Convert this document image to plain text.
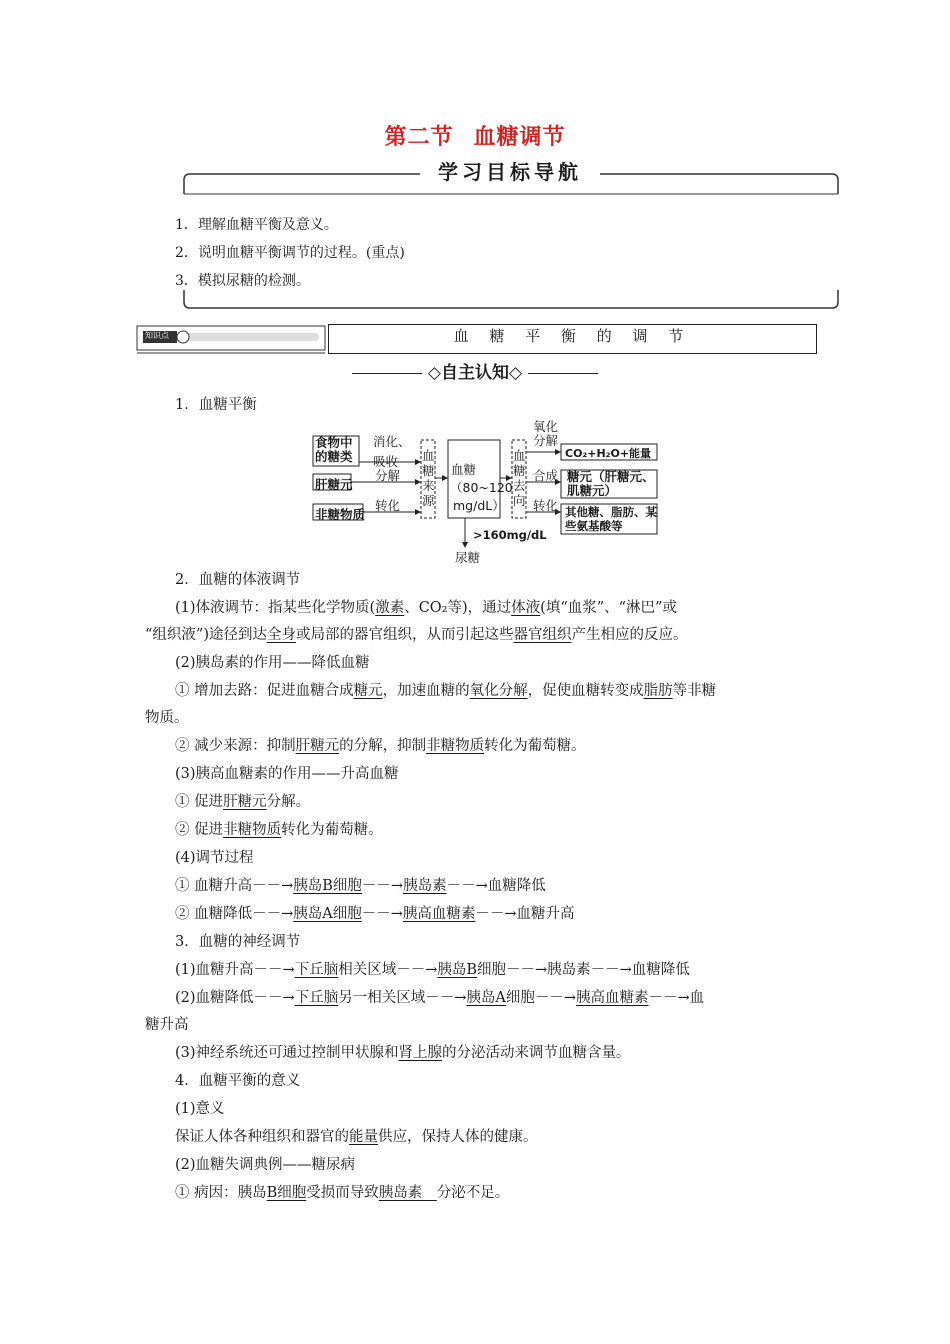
第二节 血糖调节
学习目标导航
1．理解血糖平衡及意义。
2．说明血糖平衡调节的过程。(重点)
3．模拟尿糖的检测。
知识点	血 糖 平 衡 的 调 节
◇自主认知◇
1．血糖平衡
食物中的糖类
消化、吸收
分解
肝糖元
转化
非糖物质
血糖来源
血糖
（80~120
mg/dL）
血糖去向
氧化分解
CO₂+H₂O+能量
合成 糖元（肝糖元、肌糖元）
转化 其他糖、脂肪、某些氨基酸等
>160mg/dL
尿糖
2．血糖的体液调节
(1)体液调节：指某些化学物质(激素、CO₂等)，通过体液(填“血浆”、“淋巴”或
“组织液”)途径到达全身或局部的器官组织，从而引起这些器官组织产生相应的反应。
(2)胰岛素的作用——降低血糖
① 增加去路：促进血糖合成糖元，加速血糖的氧化分解，促使血糖转变成脂肪等非糖
物质。
② 减少来源：抑制肝糖元的分解，抑制非糖物质转化为葡萄糖。
(3)胰高血糖素的作用——升高血糖
① 促进肝糖元分解。
② 促进非糖物质转化为葡萄糖。
(4)调节过程
① 血糖升高－－→胰岛B细胞－－→胰岛素－－→血糖降低
② 血糖降低－－→胰岛A细胞－－→胰高血糖素－－→血糖升高
3．血糖的神经调节
(1)血糖升高－－→下丘脑相关区域－－→胰岛B细胞－－→胰岛素－－→血糖降低
(2)血糖降低－－→下丘脑另一相关区域－－→胰岛A细胞－－→胰高血糖素－－→血
糖升高
(3)神经系统还可通过控制甲状腺和肾上腺的分泌活动来调节血糖含量。
4．血糖平衡的意义
(1)意义
保证人体各种组织和器官的能量供应，保持人体的健康。
(2)血糖失调典例——糖尿病
① 病因：胰岛B细胞受损而导致胰岛素　分泌不足。
